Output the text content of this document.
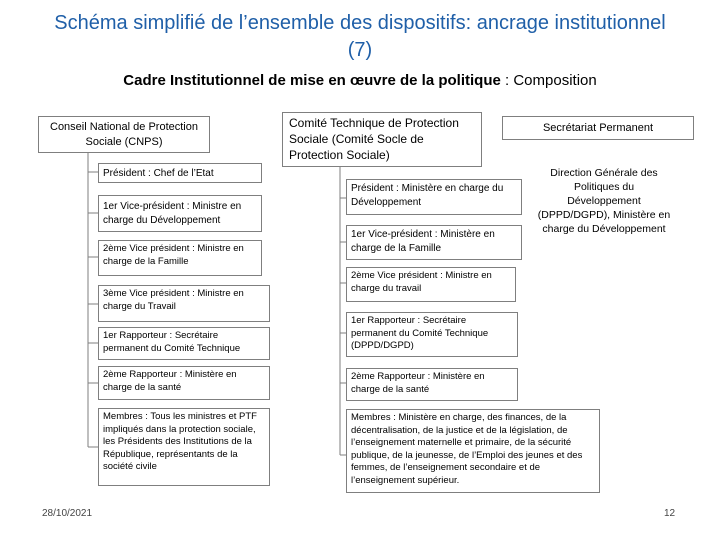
Schéma simplifié de l’ensemble des dispositifs: ancrage institutionnel (7)
Cadre Institutionnel de mise en œuvre de la politique : Composition
Conseil National de Protection Sociale (CNPS)
Président : Chef de l’Etat
1er Vice-président : Ministre en charge du Développement
2ème Vice président : Ministre en charge de la Famille
3ème Vice président : Ministre en charge du Travail
1er Rapporteur : Secrétaire permanent du Comité Technique
2ème Rapporteur : Ministère en charge de la santé
Membres : Tous les ministres et PTF impliqués dans la protection sociale, les Présidents des Institutions de la République, représentants de la société civile
Comité Technique de Protection Sociale (Comité Socle de Protection Sociale)
Président : Ministère en charge du Développement
1er Vice-président : Ministère en charge de la Famille
2ème Vice président : Ministre en charge du travail
1er Rapporteur : Secrétaire permanent du Comité Technique (DPPD/DGPD)
2ème Rapporteur : Ministère en charge de la santé
Membres : Ministère en charge, des finances, de la décentralisation, de la justice et de la législation, de l’enseignement maternelle et primaire, de la sécurité publique, de la jeunesse, de l’Emploi des jeunes et des femmes, de l’enseignement secondaire et de l’enseignement supérieur.
Secrétariat Permanent
Direction Générale des Politiques du Développement (DPPD/DGPD), Ministère en charge du Développement
28/10/2021	12
